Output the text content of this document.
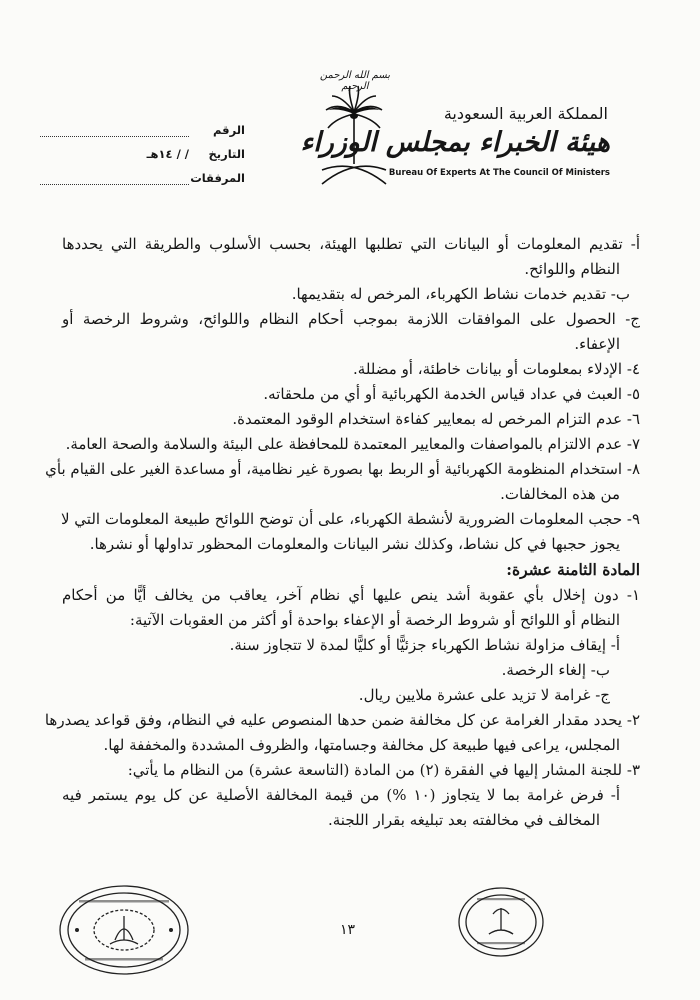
الرقم
التاريخ
/ / ١٤هـ
المرفقات
بسم الله الرحمن الرحيم
المملكة العربية السعودية
هيئة الخبراء بمجلس الوزراء
Bureau Of Experts At The Council Of Ministers
أ- تقديم المعلومات أو البيانات التي تطلبها الهيئة، بحسب الأسلوب والطريقة التي يحددها
النظام واللوائح.
ب- تقديم خدمات نشاط الكهرباء، المرخص له بتقديمها.
ج- الحصول على الموافقات اللازمة بموجب أحكام النظام واللوائح، وشروط الرخصة أو
الإعفاء.
٤- الإدلاء بمعلومات أو بيانات خاطئة، أو مضللة.
٥- العبث في عداد قياس الخدمة الكهربائية أو أي من ملحقاته.
٦- عدم التزام المرخص له بمعايير كفاءة استخدام الوقود المعتمدة.
٧- عدم الالتزام بالمواصفات والمعايير المعتمدة للمحافظة على البيئة والسلامة والصحة العامة.
٨- استخدام المنظومة الكهربائية أو الربط بها بصورة غير نظامية، أو مساعدة الغير على القيام بأي
من هذه المخالفات.
٩- حجب المعلومات الضرورية لأنشطة الكهرباء، على أن توضح اللوائح طبيعة المعلومات التي لا
يجوز حجبها في كل نشاط، وكذلك نشر البيانات والمعلومات المحظور تداولها أو نشرها.
المادة الثامنة عشرة:
١- دون إخلال بأي عقوبة أشد ينص عليها أي نظام آخر، يعاقب من يخالف أيًّا من أحكام
النظام أو اللوائح أو شروط الرخصة أو الإعفاء بواحدة أو أكثر من العقوبات الآتية:
أ- إيقاف مزاولة نشاط الكهرباء جزئيًّا أو كليًّا لمدة لا تتجاوز سنة.
ب- إلغاء الرخصة.
ج- غرامة لا تزيد على عشرة ملايين ريال.
٢- يحدد مقدار الغرامة عن كل مخالفة ضمن حدها المنصوص عليه في النظام، وفق قواعد يصدرها
المجلس، يراعى فيها طبيعة كل مخالفة وجسامتها، والظروف المشددة والمخففة لها.
٣- للجنة المشار إليها في الفقرة (٢) من المادة (التاسعة عشرة) من النظام ما يأتي:
أ- فرض غرامة بما لا يتجاوز (١٠ %) من قيمة المخالفة الأصلية عن كل يوم يستمر فيه
المخالف في مخالفته بعد تبليغه بقرار اللجنة.
١٣
